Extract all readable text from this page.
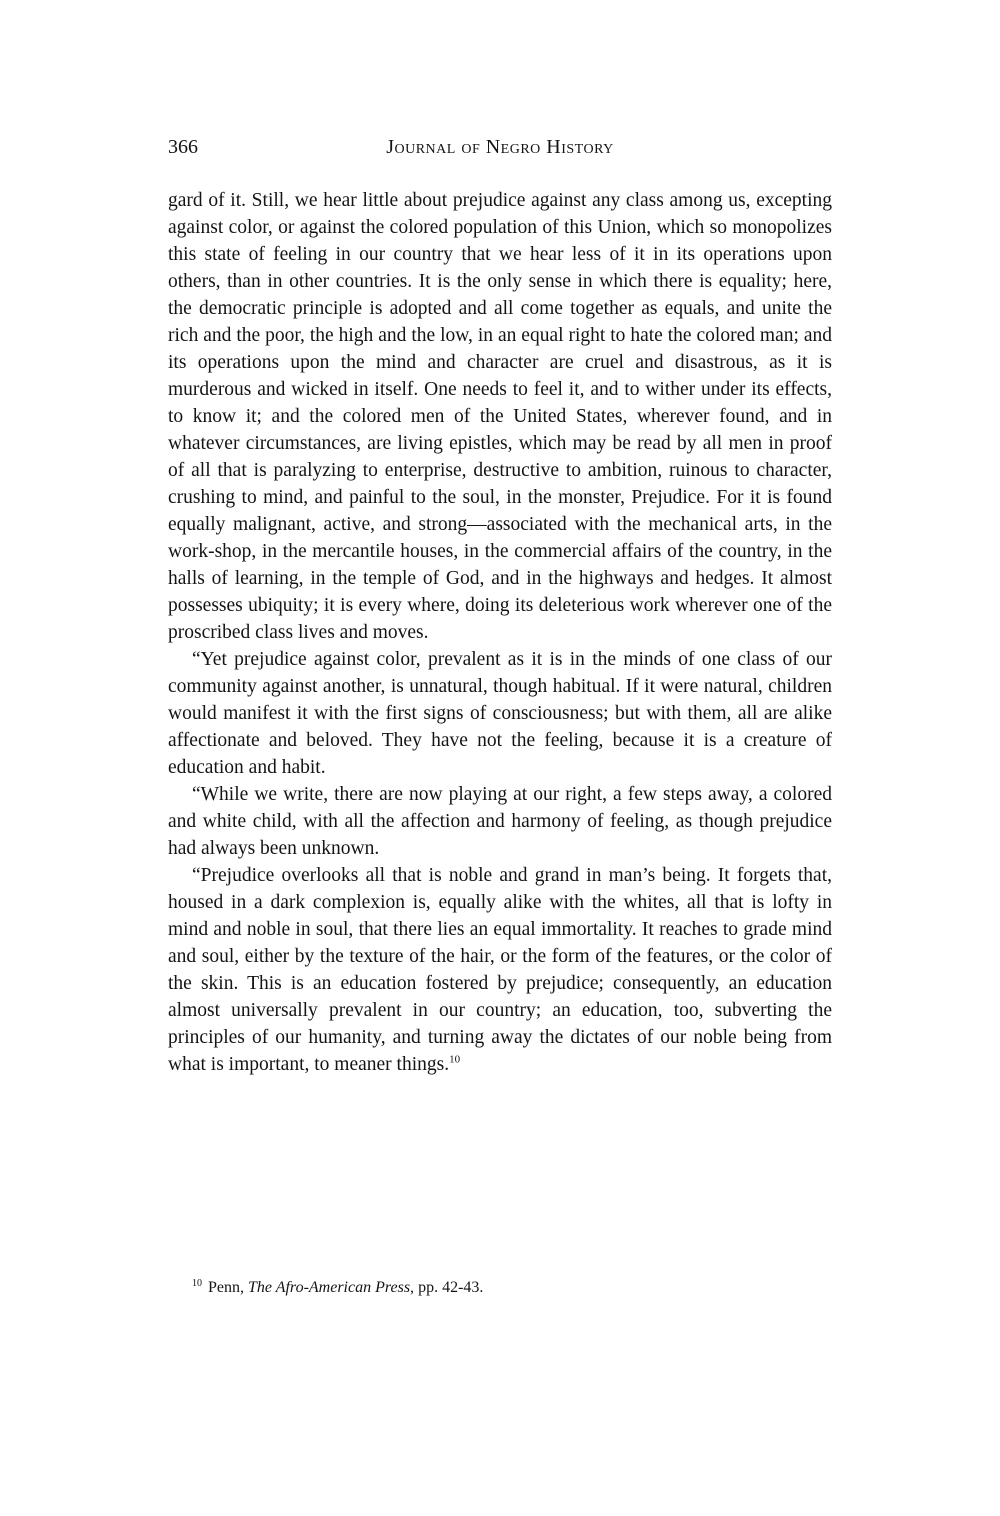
366	Journal of Negro History

gard of it. Still, we hear little about prejudice against any class among us, excepting against color, or against the colored population of this Union, which so monopolizes this state of feeling in our country that we hear less of it in its operations upon others, than in other countries. It is the only sense in which there is equality; here, the democratic principle is adopted and all come together as equals, and unite the rich and the poor, the high and the low, in an equal right to hate the colored man; and its operations upon the mind and character are cruel and disastrous, as it is murderous and wicked in itself. One needs to feel it, and to wither under its effects, to know it; and the colored men of the United States, wherever found, and in whatever circumstances, are living epistles, which may be read by all men in proof of all that is paralyzing to enterprise, destructive to ambition, ruinous to character, crushing to mind, and painful to the soul, in the monster, Prejudice. For it is found equally malignant, active, and strong—associated with the mechanical arts, in the work-shop, in the mercantile houses, in the commercial affairs of the country, in the halls of learning, in the temple of God, and in the highways and hedges. It almost possesses ubiquity; it is every where, doing its deleterious work wherever one of the proscribed class lives and moves.

“Yet prejudice against color, prevalent as it is in the minds of one class of our community against another, is unnatural, though habitual. If it were natural, children would manifest it with the first signs of consciousness; but with them, all are alike affectionate and beloved. They have not the feeling, because it is a creature of education and habit.

“While we write, there are now playing at our right, a few steps away, a colored and white child, with all the affection and harmony of feeling, as though prejudice had always been unknown.

“Prejudice overlooks all that is noble and grand in man’s being. It forgets that, housed in a dark complexion is, equally alike with the whites, all that is lofty in mind and noble in soul, that there lies an equal immortality. It reaches to grade mind and soul, either by the texture of the hair, or the form of the features, or the color of the skin. This is an education fostered by prejudice; consequently, an education almost universally prevalent in our country; an education, too, subverting the principles of our humanity, and turning away the dictates of our noble being from what is important, to meaner things.$^{10}$

$^{10}$ Penn, The Afro-American Press, pp. 42-43.
